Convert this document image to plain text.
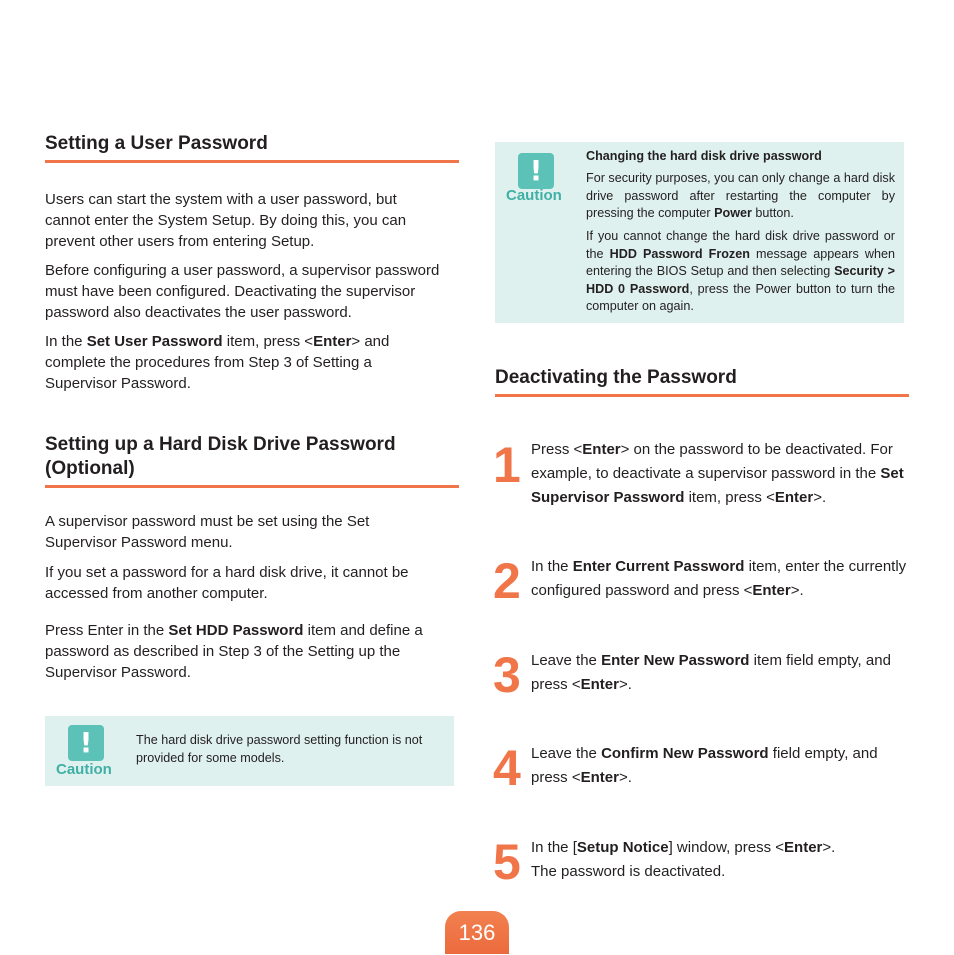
Setting a User Password
Users can start the system with a user password, but cannot enter the System Setup. By doing this, you can prevent other users from entering Setup.
Before configuring a user password, a supervisor password must have been configured. Deactivating the supervisor password also deactivates the user password.
In the Set User Password item, press <Enter> and complete the procedures from Step 3 of Setting a Supervisor Password.
Setting up a Hard Disk Drive Password (Optional)
A supervisor password must be set using the Set Supervisor Password menu.
If you set a password for a hard disk drive, it cannot be accessed from another computer.
Press Enter in the Set HDD Password item and define a password as described in Step 3 of the Setting up the Supervisor Password.
!
Caution
The hard disk drive password setting function is not provided for some models.
!
Caution
Changing the hard disk drive password
For security purposes, you can only change a hard disk drive password after restarting the computer by pressing the computer Power button.
If you cannot change the hard disk drive password or the HDD Password Frozen message appears when entering the BIOS Setup and then selecting Security > HDD 0 Password, press the Power button to turn the computer on again.
Deactivating the Password
1 Press <Enter> on the password to be deactivated. For example, to deactivate a supervisor password in the Set Supervisor Password item, press <Enter>.
2 In the Enter Current Password item, enter the currently configured password and press <Enter>.
3 Leave the Enter New Password item field empty, and press <Enter>.
4 Leave the Confirm New Password field empty, and press <Enter>.
5 In the [Setup Notice] window, press <Enter>.
The password is deactivated.
136
